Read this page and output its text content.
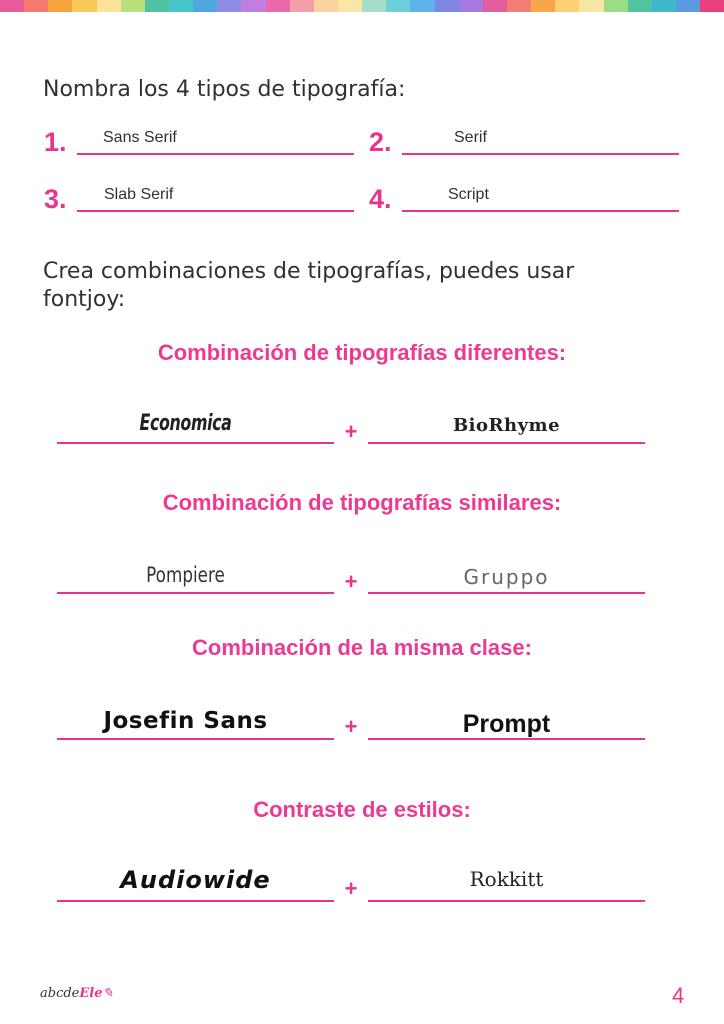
Nombra los 4 tipos de tipografía:
1. Sans Serif	2.	Serif
3. Slab Serif	4.	Script
Crea combinaciones de tipografías, puedes usar fontjoy:
Combinación de tipografías diferentes:
Economica	+	BioRhyme
Combinación de tipografías similares:
Pompiere	+	Gruppo
Combinación de la misma clase:
Josefin Sans	+	Prompt
Contraste de estilos:
Audiowide	+	Rokkitt
abcdeEle✎	4
